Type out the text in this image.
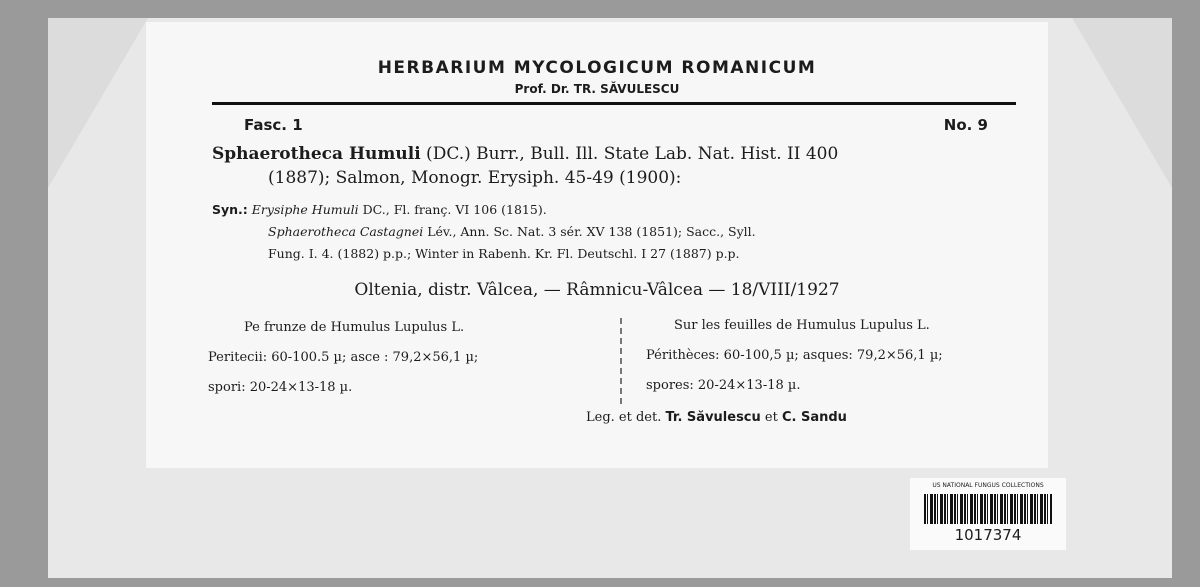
HERBARIUM MYCOLOGICUM ROMANICUM
Prof. Dr. TR. SĂVULESCU
Fasc. 1	No. 9
Sphaerotheca Humuli (DC.) Burr., Bull. Ill. State Lab. Nat. Hist. II 400
(1887); Salmon, Monogr. Erysiph. 45-49 (1900):
Syn.: Erysiphe Humuli DC., Fl. franç. VI 106 (1815).
Sphaerotheca Castagnei Lév., Ann. Sc. Nat. 3 sér. XV 138 (1851); Sacc., Syll.
Fung. I. 4. (1882) p.p.; Winter in Rabenh. Kr. Fl. Deutschl. I 27 (1887) p.p.
Oltenia, distr. Vâlcea, — Râmnicu-Vâlcea — 18/VIII/1927
Pe frunze de Humulus Lupulus L.
Peritecii: 60-100.5 µ; asce : 79,2×56,1 µ;
spori: 20-24×13-18 µ.
Sur les feuilles de Humulus Lupulus L.
Périthèces: 60-100,5 µ; asques: 79,2×56,1 µ;
spores: 20-24×13-18 µ.
Leg. et det. Tr. Săvulescu et C. Sandu
US NATIONAL FUNGUS COLLECTIONS
1017374
